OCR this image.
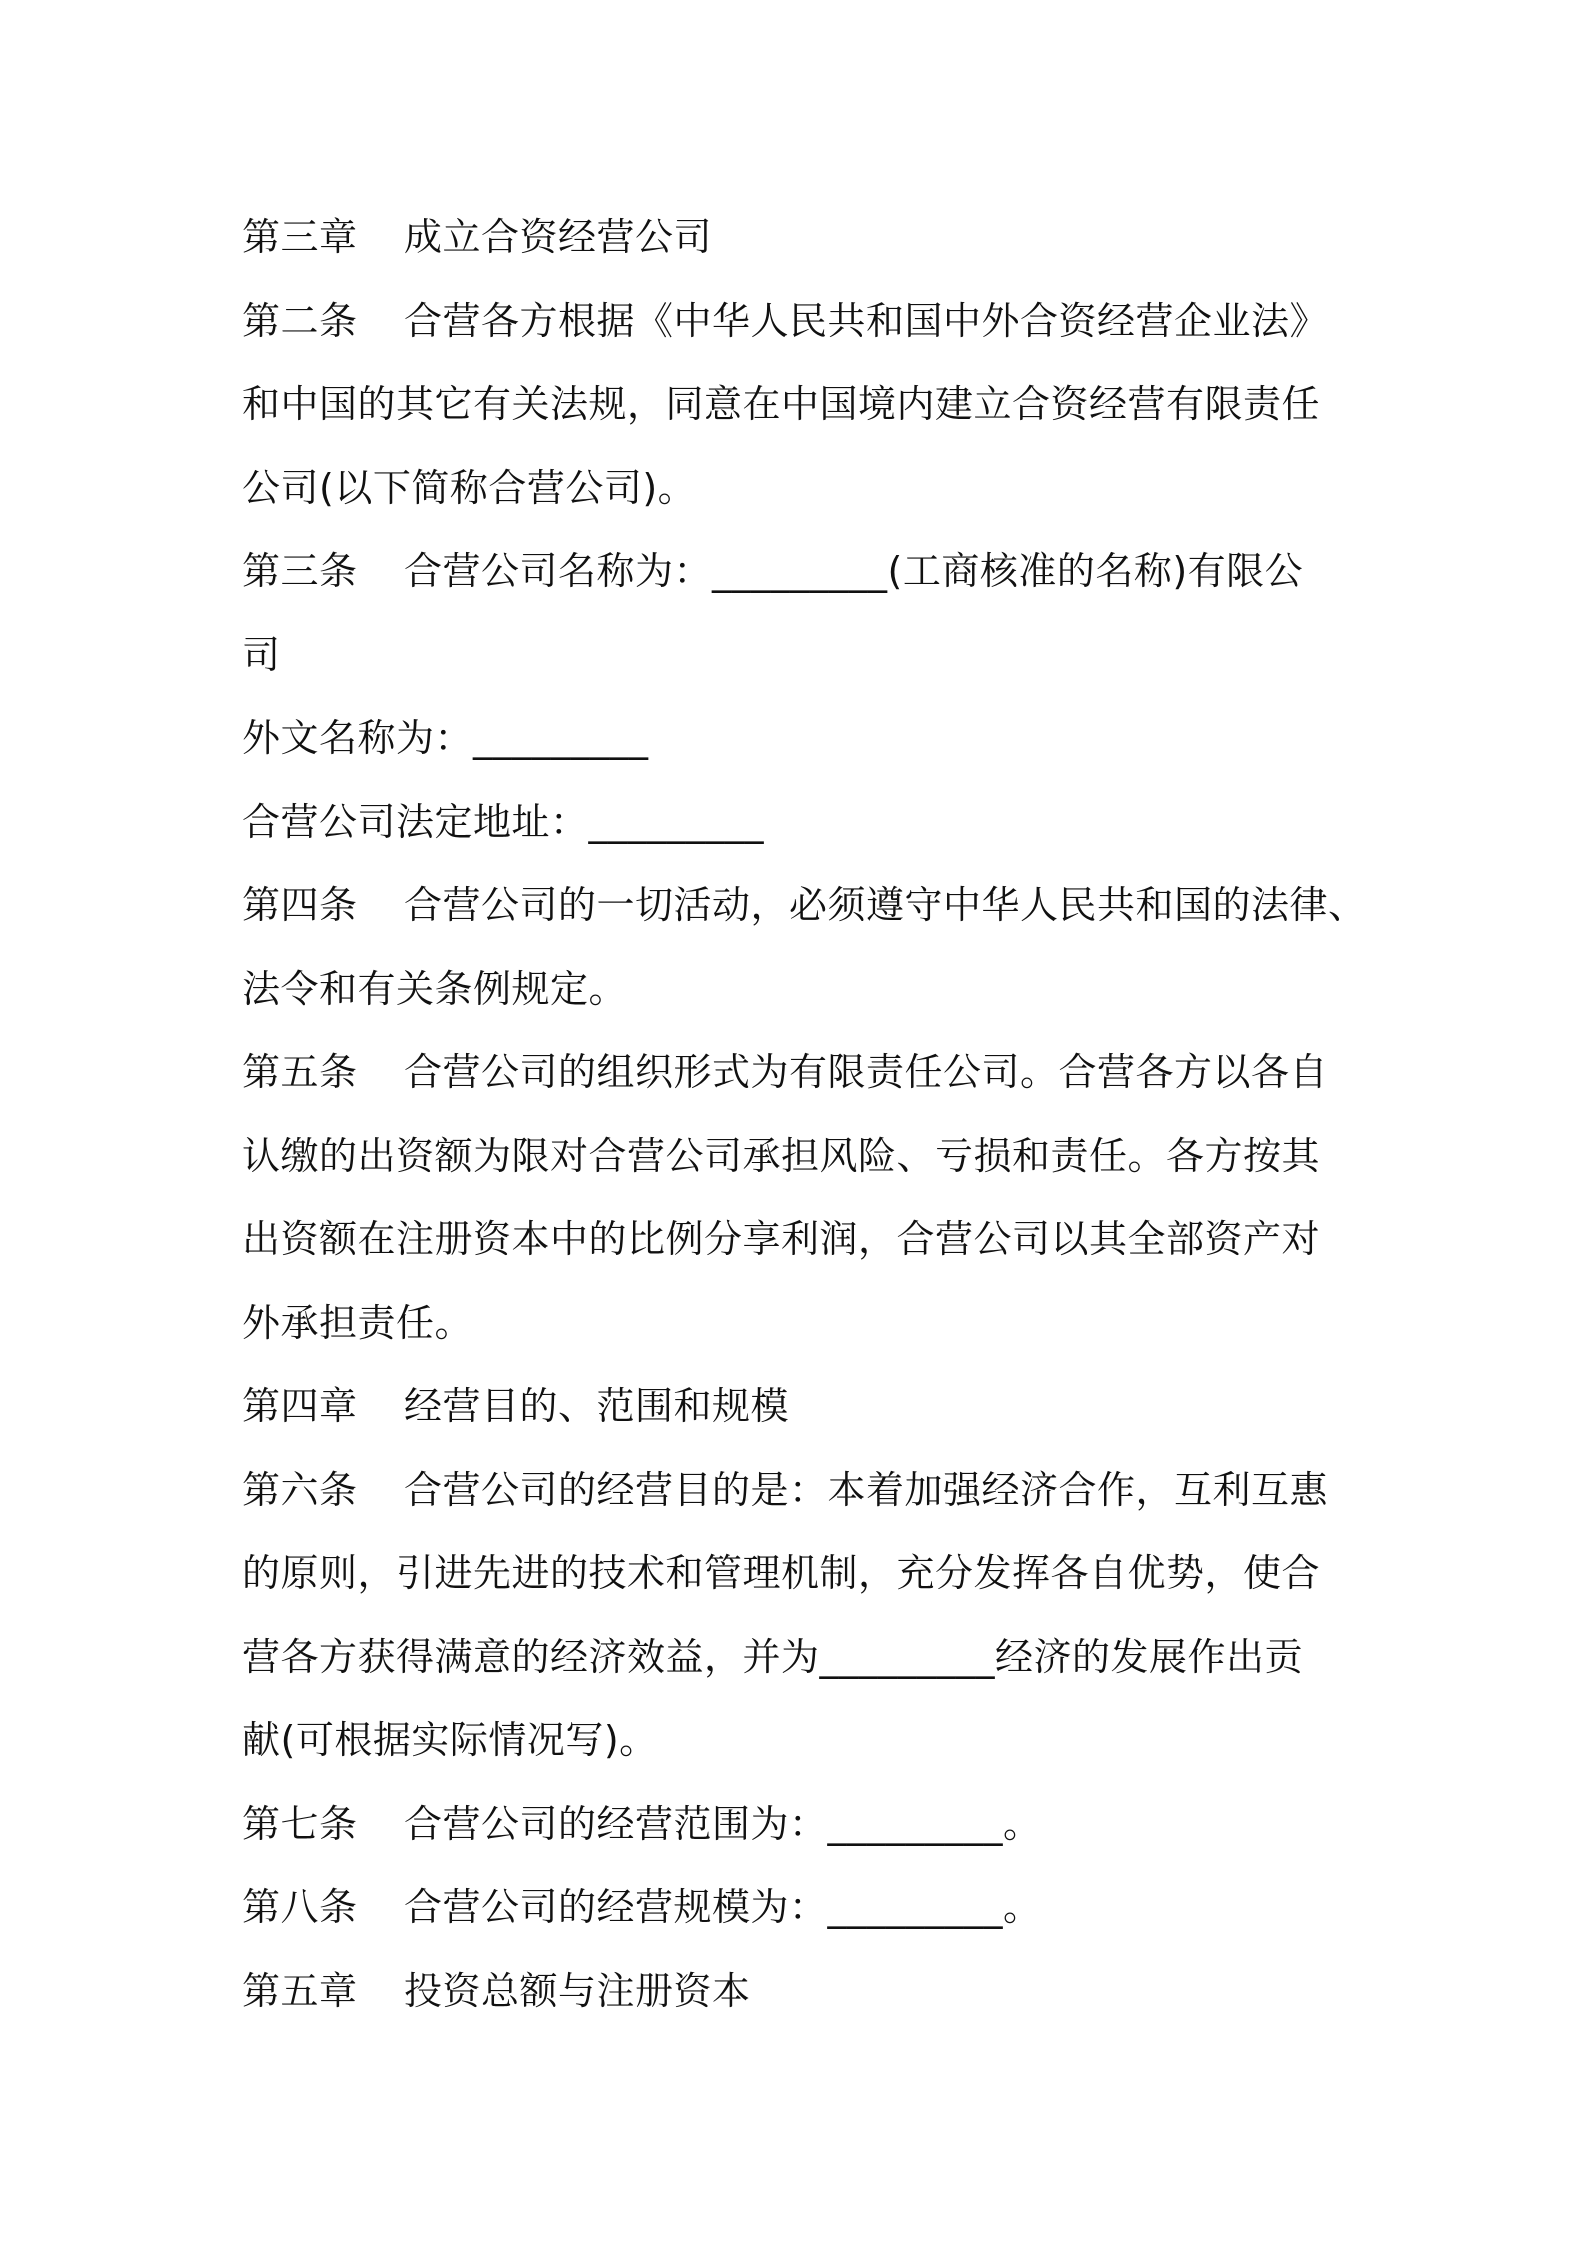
第三章 成立合资经营公司
第二条 合营各方根据《中华人民共和国中外合资经营企业法》
和中国的其它有关法规，同意在中国境内建立合资经营有限责任
公司(以下简称合营公司)。
第三条 合营公司名称为：_________(工商核准的名称)有限公
司
外文名称为：_________
合营公司法定地址：_________
第四条 合营公司的一切活动，必须遵守中华人民共和国的法律、
法令和有关条例规定。
第五条 合营公司的组织形式为有限责任公司。合营各方以各自
认缴的出资额为限对合营公司承担风险、亏损和责任。各方按其
出资额在注册资本中的比例分享利润，合营公司以其全部资产对
外承担责任。
第四章 经营目的、范围和规模
第六条 合营公司的经营目的是：本着加强经济合作，互利互惠
的原则，引进先进的技术和管理机制，充分发挥各自优势，使合
营各方获得满意的经济效益，并为_________经济的发展作出贡
献(可根据实际情况写)。
第七条 合营公司的经营范围为：_________。
第八条 合营公司的经营规模为：_________。
第五章 投资总额与注册资本
